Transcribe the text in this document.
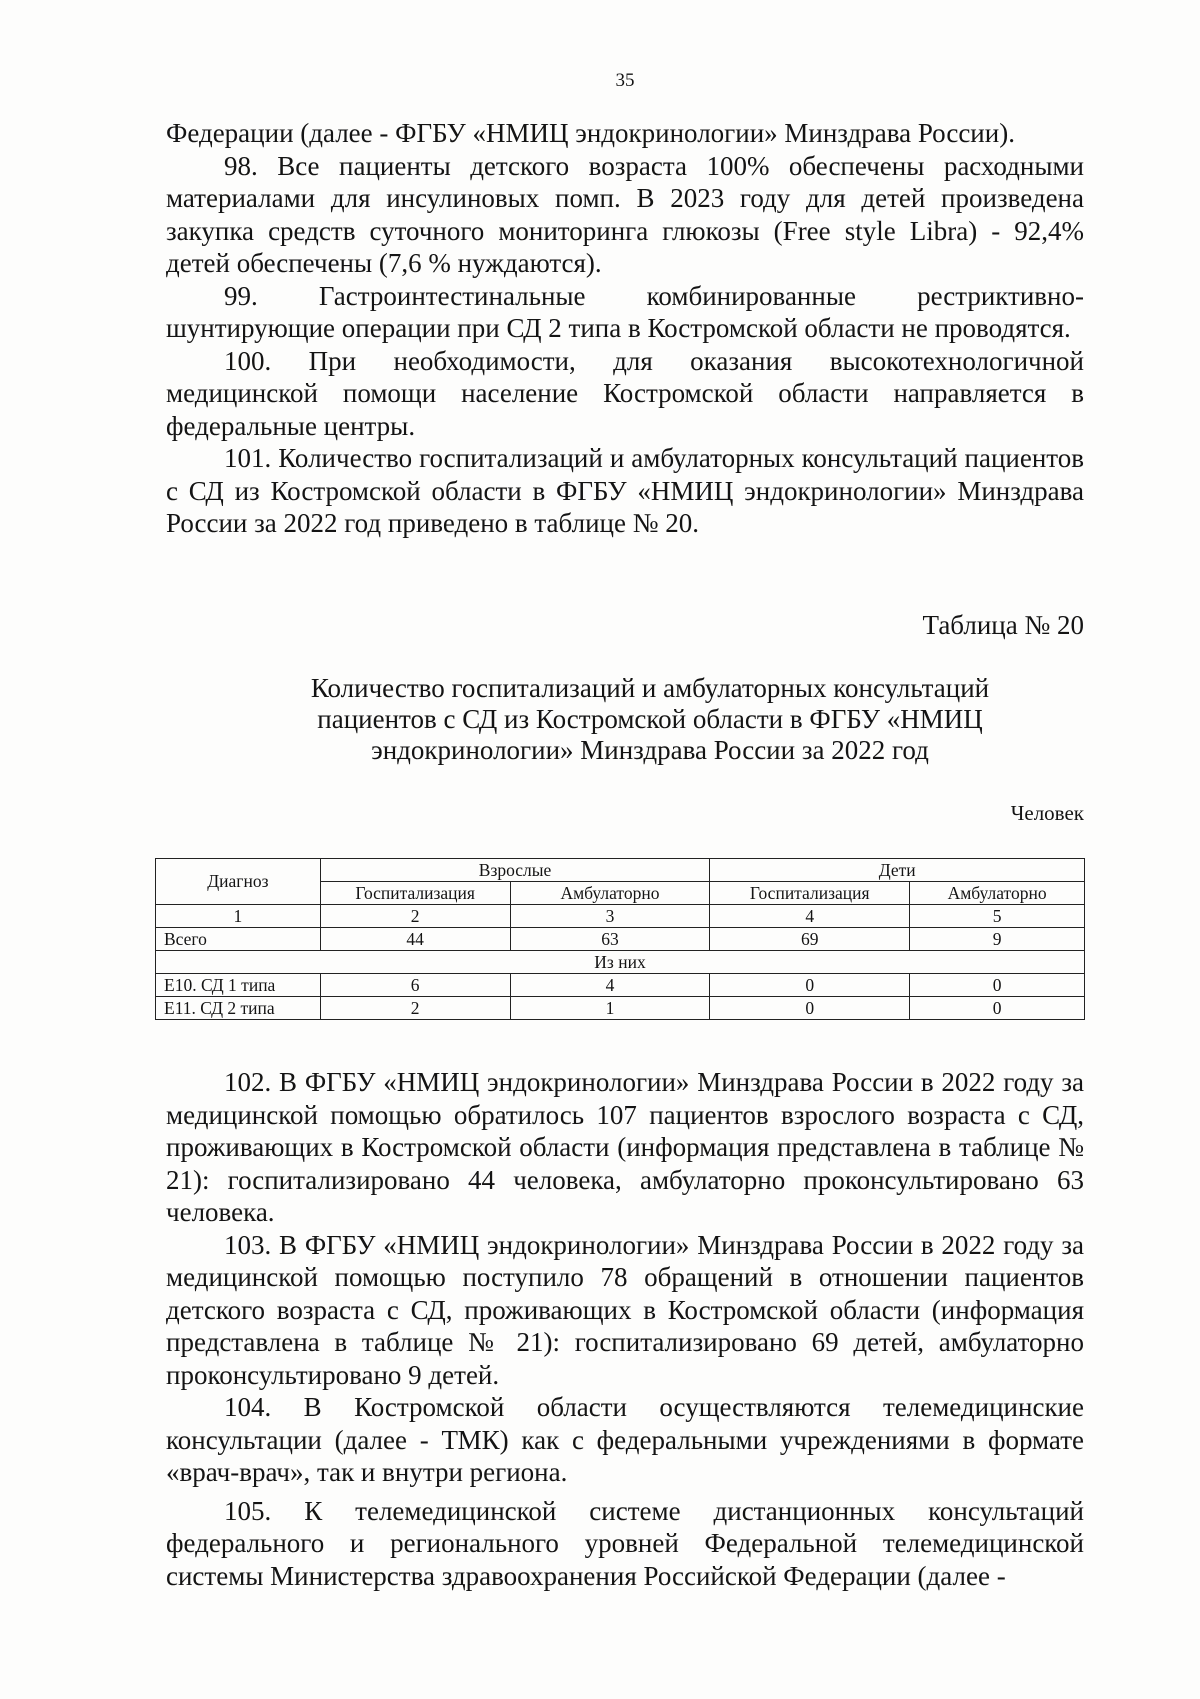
35

Федерации (далее - ФГБУ «НМИЦ эндокринологии» Минздрава России).

98. Все пациенты детского возраста 100% обеспечены расходными материалами для инсулиновых помп. В 2023 году для детей произведена закупка средств суточного мониторинга глюкозы (Free style Libra) - 92,4% детей обеспечены (7,6 % нуждаются).

99. Гастроинтестинальные комбинированные рестриктивно-шунтирующие операции при СД 2 типа в Костромской области не проводятся.

100. При необходимости, для оказания высокотехнологичной медицинской помощи население Костромской области направляется в федеральные центры.

101. Количество госпитализаций и амбулаторных консультаций пациентов с СД из Костромской области в ФГБУ «НМИЦ эндокринологии» Минздрава России за 2022 год приведено в таблице № 20.

Таблица № 20
Количество госпитализаций и амбулаторных консультаций
пациентов с СД из Костромской области в ФГБУ «НМИЦ
эндокринологии» Минздрава России за 2022 год
Человек
Диагноз	Взрослые		Дети	
	Госпитализация	Амбулаторно	Госпитализация	Амбулаторно
1	2	3	4	5
Всего	44	63	69	9
Из них				
Е10. СД 1 типа	6	4	0	0
Е11. СД 2 типа	2	1	0	0

102. В ФГБУ «НМИЦ эндокринологии» Минздрава России в 2022 году за медицинской помощью обратилось 107 пациентов взрослого возраста с СД, проживающих в Костромской области (информация представлена в таблице № 21): госпитализировано 44 человека, амбулаторно проконсультировано 63 человека.

103. В ФГБУ «НМИЦ эндокринологии» Минздрава России в 2022 году за медицинской помощью поступило 78 обращений в отношении пациентов детского возраста с СД, проживающих в Костромской области (информация представлена в таблице № 21): госпитализировано 69 детей, амбулаторно проконсультировано 9 детей.

104. В Костромской области осуществляются телемедицинские консультации (далее - ТМК) как с федеральными учреждениями в формате «врач-врач», так и внутри региона.

105. К телемедицинской системе дистанционных консультаций федерального и регионального уровней Федеральной телемедицинской системы Министерства здравоохранения Российской Федерации (далее -
